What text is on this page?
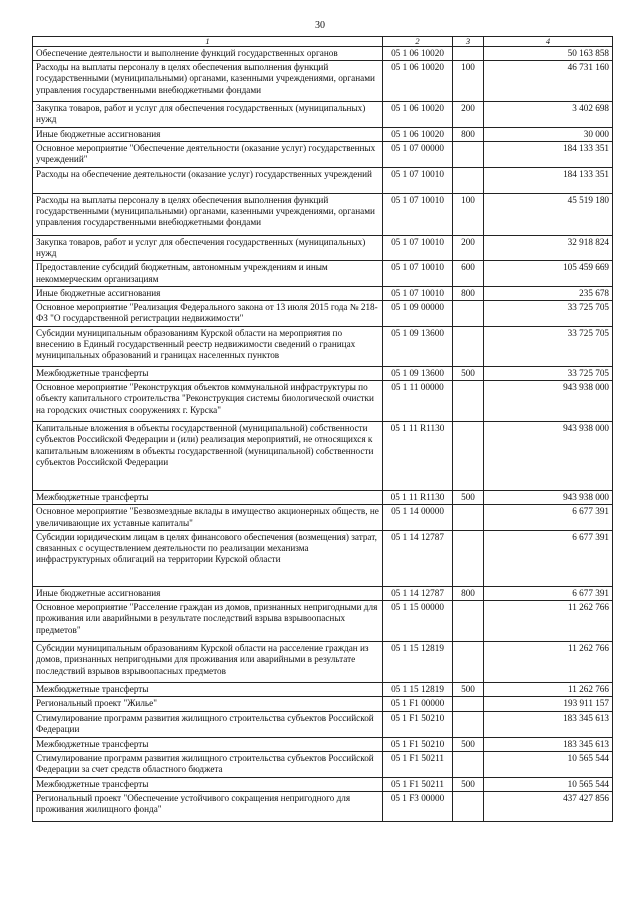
30
1	2	3	4
Обеспечение деятельности и выполнение функций государственных органов	05 1 06 10020		50 163 858
Расходы на выплаты персоналу в целях обеспечения выполнения функций государственными (муниципальными) органами, казенными учреждениями, органами управления государственными внебюджетными фондами	05 1 06 10020	100	46 731 160
Закупка товаров, работ и услуг для обеспечения государственных (муниципальных) нужд	05 1 06 10020	200	3 402 698
Иные бюджетные ассигнования	05 1 06 10020	800	30 000
Основное мероприятие "Обеспечение деятельности (оказание услуг) государственных учреждений"	05 1 07 00000		184 133 351
Расходы на обеспечение деятельности (оказание услуг) государственных учреждений	05 1 07 10010		184 133 351
Расходы на выплаты персоналу в целях обеспечения выполнения функций государственными (муниципальными) органами, казенными учреждениями, органами управления государственными внебюджетными фондами	05 1 07 10010	100	45 519 180
Закупка товаров, работ и услуг для обеспечения государственных (муниципальных) нужд	05 1 07 10010	200	32 918 824
Предоставление субсидий бюджетным, автономным учреждениям и иным некоммерческим организациям	05 1 07 10010	600	105 459 669
Иные бюджетные ассигнования	05 1 07 10010	800	235 678
Основное мероприятие "Реализация Федерального закона от 13 июля 2015 года № 218-ФЗ "О государственной регистрации недвижимости"	05 1 09 00000		33 725 705
Субсидии муниципальным образованиям Курской области на мероприятия по внесению в Единый государственный реестр недвижимости сведений о границах муниципальных образований и границах населенных пунктов	05 1 09 13600		33 725 705
Межбюджетные трансферты	05 1 09 13600	500	33 725 705
Основное мероприятие "Реконструкция объектов коммунальной инфраструктуры по объекту капитального строительства "Реконструкция системы биологической очистки на городских очистных сооружениях г. Курска"	05 1 11 00000		943 938 000
Капитальные вложения в объекты государственной (муниципальной) собственности субъектов Российской Федерации и (или) реализация мероприятий, не относящихся к капитальным вложениям в объекты государственной (муниципальной) собственности субъектов Российской Федерации	05 1 11 R1130		943 938 000
Межбюджетные трансферты	05 1 11 R1130	500	943 938 000
Основное мероприятие "Безвозмездные вклады в имущество акционерных обществ, не увеличивающие их уставные капиталы"	05 1 14 00000		6 677 391
Субсидии юридическим лицам в целях финансового обеспечения (возмещения) затрат, связанных с осуществлением деятельности по реализации механизма инфраструктурных облигаций на территории Курской области	05 1 14 12787		6 677 391
Иные бюджетные ассигнования	05 1 14 12787	800	6 677 391
Основное мероприятие "Расселение граждан из домов, признанных непригодными для проживания или аварийными в результате последствий взрыва взрывоопасных предметов"	05 1 15 00000		11 262 766
Субсидии муниципальным образованиям Курской области на расселение граждан из домов, признанных непригодными для проживания или аварийными в результате последствий взрывов взрывоопасных предметов	05 1 15 12819		11 262 766
Межбюджетные трансферты	05 1 15 12819	500	11 262 766
Региональный проект "Жилье"	05 1 F1 00000		193 911 157
Стимулирование программ развития жилищного строительства субъектов Российской Федерации	05 1 F1 50210		183 345 613
Межбюджетные трансферты	05 1 F1 50210	500	183 345 613
Стимулирование программ развития жилищного строительства субъектов Российской Федерации за счет средств областного бюджета	05 1 F1 50211		10 565 544
Межбюджетные трансферты	05 1 F1 50211	500	10 565 544
Региональный проект "Обеспечение устойчивого сокращения непригодного для проживания жилищного фонда"	05 1 F3 00000		437 427 856
